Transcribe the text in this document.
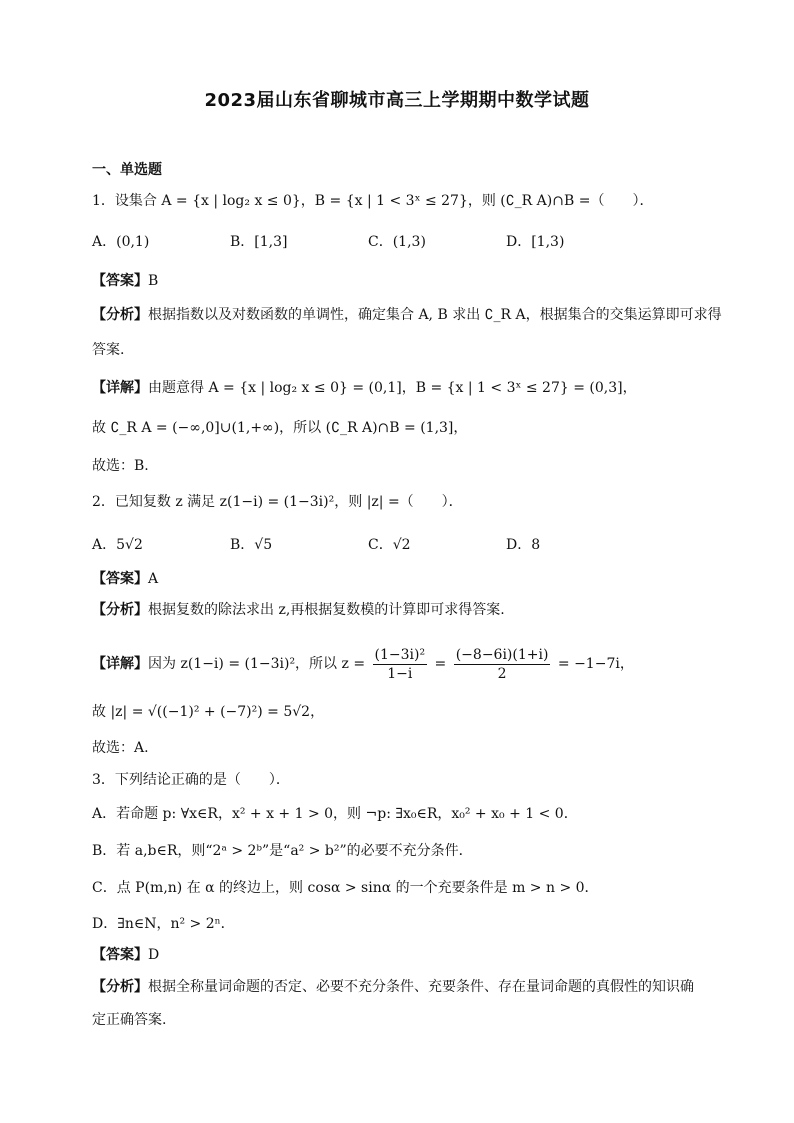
2023届山东省聊城市高三上学期期中数学试题
一、单选题
1．设集合 A = {x | log₂ x ≤ 0}，B = {x | 1 < 3ˣ ≤ 27}，则 (∁_R A)∩B =（　　）．
A．(0,1)	B．[1,3]	C．(1,3)	D．[1,3)
【答案】B
【分析】根据指数以及对数函数的单调性，确定集合 A, B 求出 ∁_R A，根据集合的交集运算即可求得
答案.
【详解】由题意得 A = {x | log₂ x ≤ 0} = (0,1]，B = {x | 1 < 3ˣ ≤ 27} = (0,3]，
故 ∁_R A = (−∞,0]∪(1,+∞)，所以 (∁_R A)∩B = (1,3]，
故选：B.
2．已知复数 z 满足 z(1−i) = (1−3i)²，则 |z| =（　　）．
A．5√2	B．√5	C．√2	D．8
【答案】A
【分析】根据复数的除法求出 z,再根据复数模的计算即可求得答案.
【详解】因为 z(1−i) = (1−3i)²，所以 $z = \frac{\text{(1−3i)²}}{1-i} = \frac{(-8-6i)(1+i)}{2} = -1-7i$，
故 |z| = √((−1)² + (−7)²) = 5√2，
故选：A.
3．下列结论正确的是（　　）．
A．若命题 p: ∀x∈R，x² + x + 1 > 0，则 ¬p: ∃x₀∈R，x₀² + x₀ + 1 < 0．
B．若 a,b∈R，则“2ᵃ > 2ᵇ”是“a² > b²”的必要不充分条件．
C．点 P(m,n) 在 α 的终边上，则 cosα > sinα 的一个充要条件是 m > n > 0．
D．∃n∈N，n² > 2ⁿ．
【答案】D
【分析】根据全称量词命题的否定、必要不充分条件、充要条件、存在量词命题的真假性的知识确
定正确答案.
